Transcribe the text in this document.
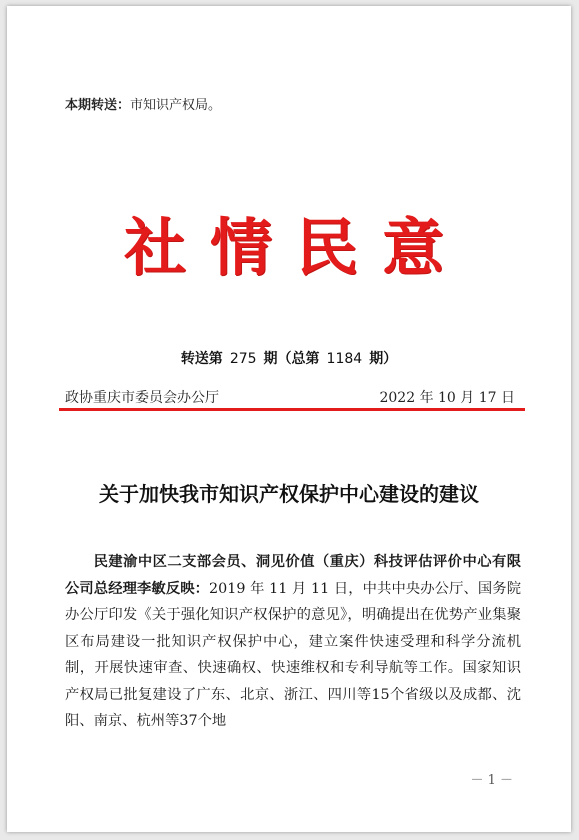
本期转送：市知识产权局。
社情民意
转送第 275 期（总第 1184 期）
政协重庆市委员会办公厅	2022 年 10 月 17 日
关于加快我市知识产权保护中心建设的建议
民建渝中区二支部会员、洞见价值（重庆）科技评估评价中心有限公司总经理李敏反映：2019 年 11 月 11 日，中共中央办公厅、国务院办公厅印发《关于强化知识产权保护的意见》，明确提出在优势产业集聚区布局建设一批知识产权保护中心，建立案件快速受理和科学分流机制，开展快速审查、快速确权、快速维权和专利导航等工作。国家知识产权局已批复建设了广东、北京、浙江、四川等15个省级以及成都、沈阳、南京、杭州等37个地
－ 1 －
